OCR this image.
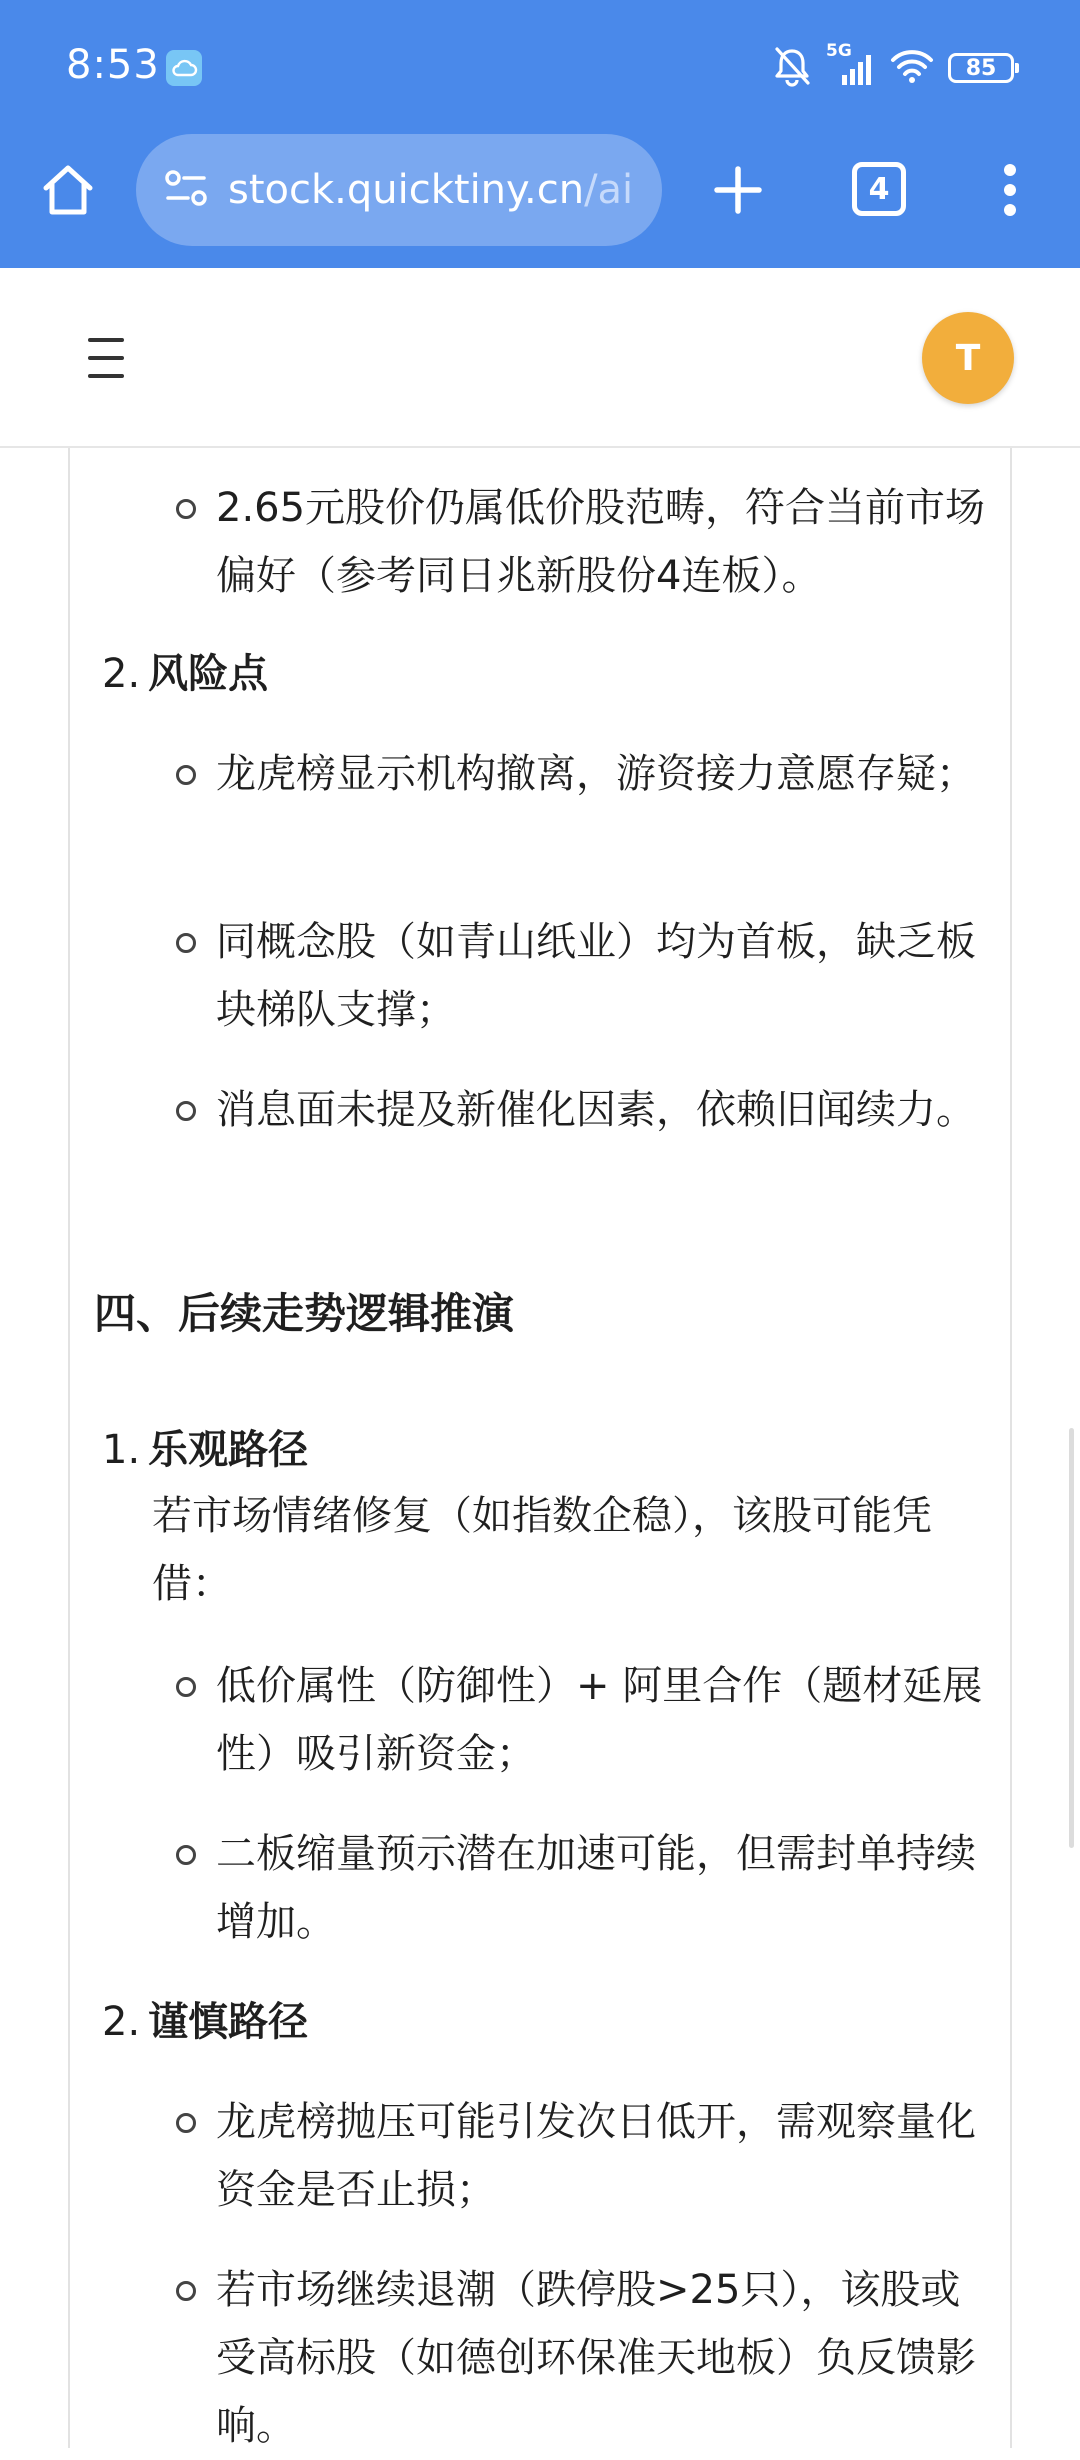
8:53	5G
85
stock.quicktiny.cn/ai	4
T
2.65元股价仍属低价股范畴，符合当前市场偏好（参考同日兆新股份4连板）。
2. 风险点
龙虎榜显示机构撤离，游资接力意愿存疑；
同概念股（如青山纸业）均为首板，缺乏板块梯队支撑；
消息面未提及新催化因素，依赖旧闻续力。
四、后续走势逻辑推演
1. 乐观路径
若市场情绪修复（如指数企稳），该股可能凭借：
低价属性（防御性）+ 阿里合作（题材延展性）吸引新资金；
二板缩量预示潜在加速可能，但需封单持续增加。
2. 谨慎路径
龙虎榜抛压可能引发次日低开，需观察量化资金是否止损；
若市场继续退潮（跌停股>25只），该股或受高标股（如德创环保准天地板）负反馈影响。
